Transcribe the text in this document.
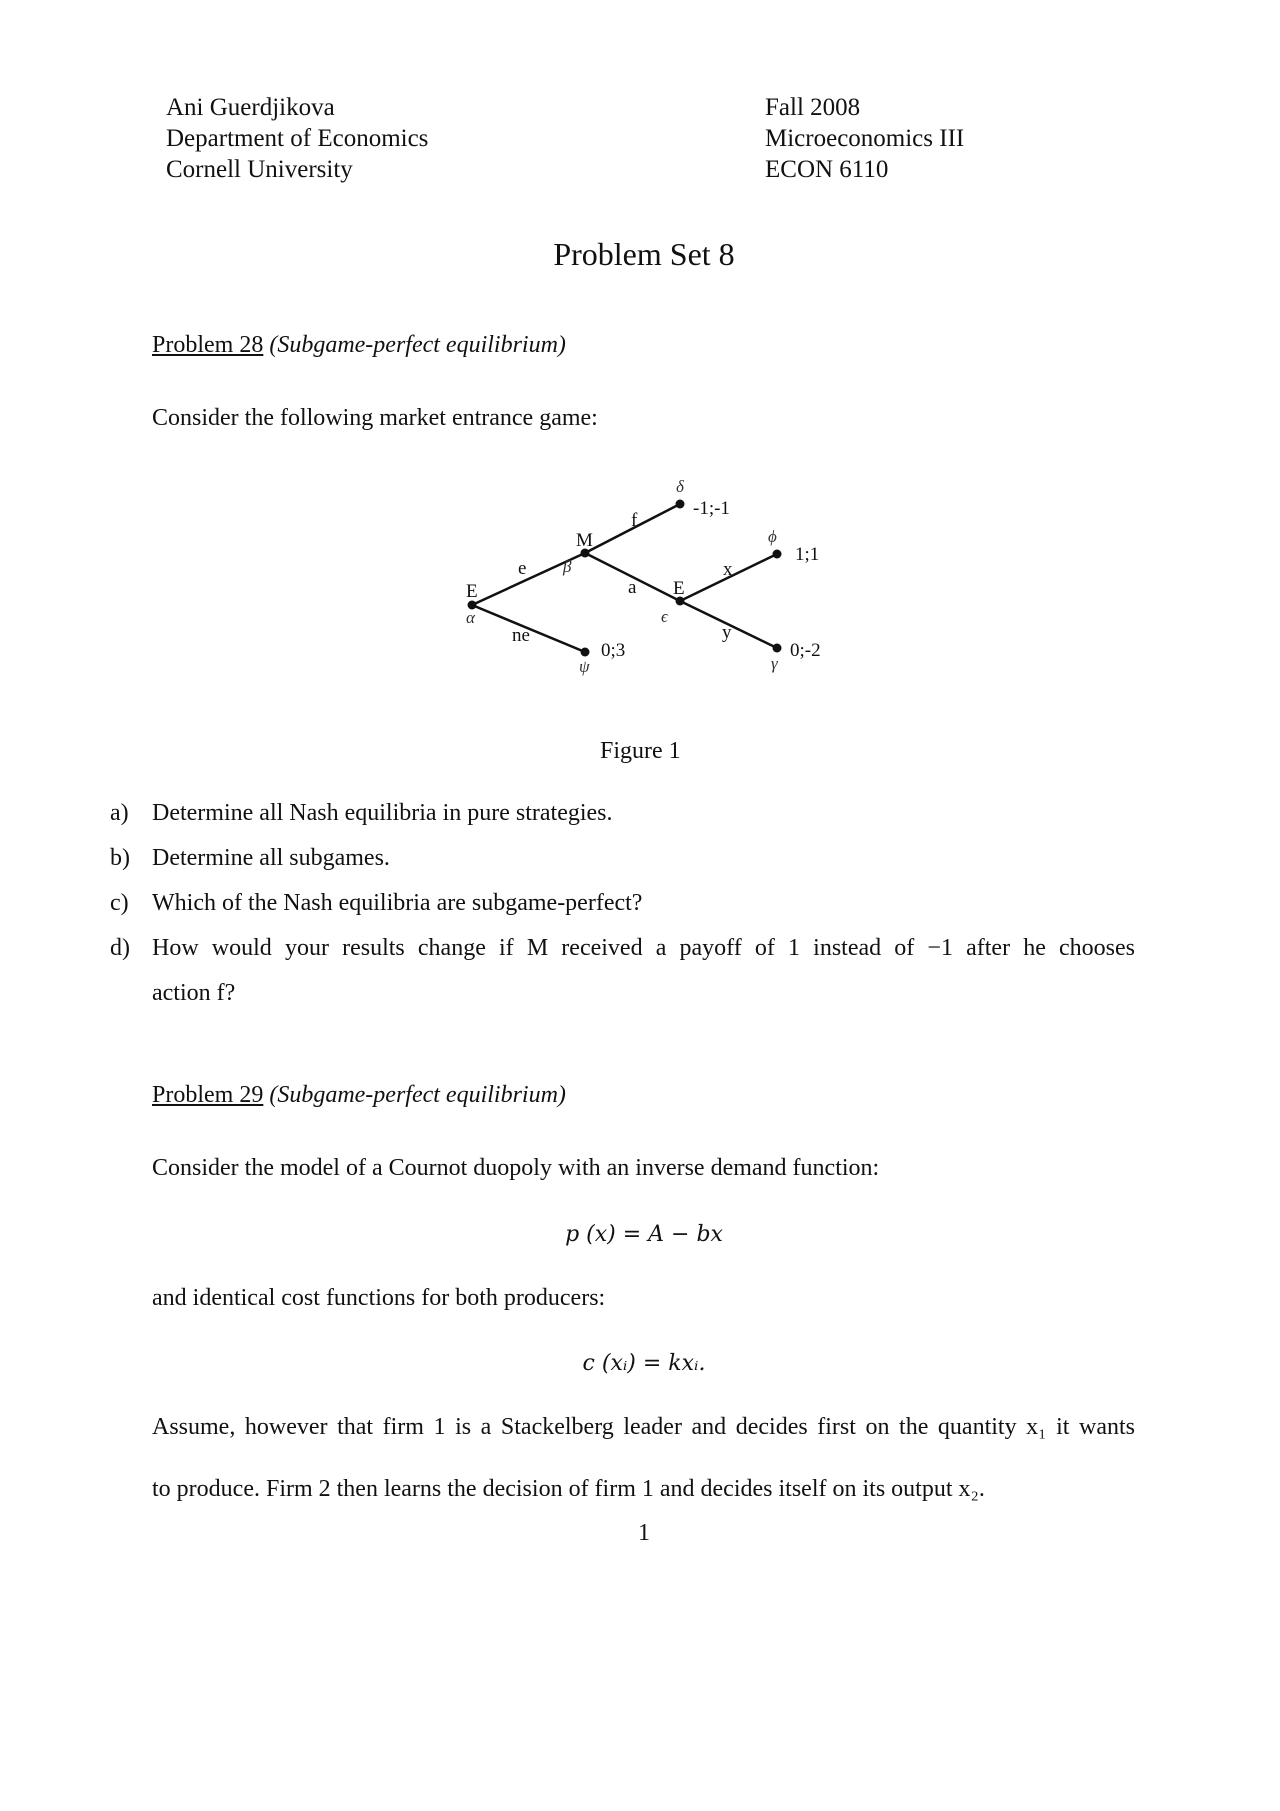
Ani Guerdjikova
Department of Economics
Cornell University
Fall 2008
Microeconomics III
ECON 6110
Problem Set 8
Problem 28 (Subgame-perfect equilibrium)
Consider the following market entrance game:
E
M
E
e
ne
f
a
x
y
0;3
-1;-1
1;1
0;-2
α
β
ϵ
δ
ϕ
ψ	γ
Figure 1
a) Determine all Nash equilibria in pure strategies.
b) Determine all subgames.
c) Which of the Nash equilibria are subgame-perfect?
d) How would your results change if M received a payoff of 1 instead of −1 after he chooses
action f?
Problem 29 (Subgame-perfect equilibrium)
Consider the model of a Cournot duopoly with an inverse demand function:
p (x) = A − bx
and identical cost functions for both producers:
c (xᵢ) = kxᵢ.
Assume, however that firm 1 is a Stackelberg leader and decides first on the quantity x₁ it wants
to produce. Firm 2 then learns the decision of firm 1 and decides itself on its output x₂.
1
